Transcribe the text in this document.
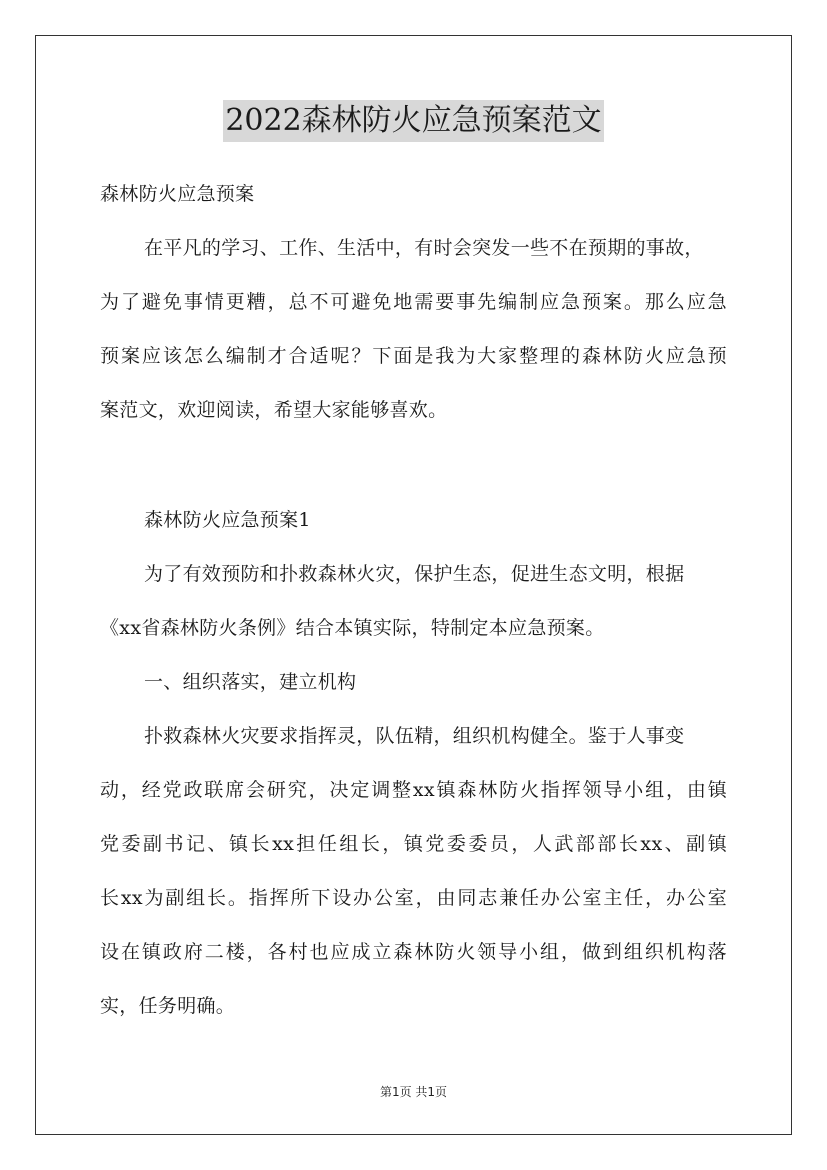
2022森林防火应急预案范文
森林防火应急预案
在平凡的学习、工作、生活中，有时会突发一些不在预期的事故，
为了避免事情更糟，总不可避免地需要事先编制应急预案。那么应急
预案应该怎么编制才合适呢？下面是我为大家整理的森林防火应急预
案范文，欢迎阅读，希望大家能够喜欢。
森林防火应急预案1
为了有效预防和扑救森林火灾，保护生态，促进生态文明，根据
《xx省森林防火条例》结合本镇实际，特制定本应急预案。
一、组织落实，建立机构
扑救森林火灾要求指挥灵，队伍精，组织机构健全。鉴于人事变
动，经党政联席会研究，决定调整xx镇森林防火指挥领导小组，由镇
党委副书记、镇长xx担任组长，镇党委委员，人武部部长xx、副镇
长xx为副组长。指挥所下设办公室，由同志兼任办公室主任，办公室
设在镇政府二楼，各村也应成立森林防火领导小组，做到组织机构落
实，任务明确。
第1页 共1页
